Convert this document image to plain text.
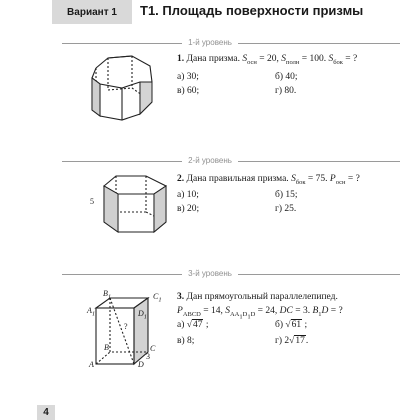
Вариант 1	Т1. Площадь поверхности призмы
1-й уровень
1. Дана призма. $S_{осн} = 20$, $S_{полн} = 100$. $S_{бок}$ = ?
а) 30;	б) 40;
в) 60;	г) 80.
2-й уровень
5
2. Дана правильная призма. $S_{бок} = 75$. $P_{осн}$ = ?
а) 10;	б) 15;
в) 20;	г) 25.
3-й уровень
$B_1$	$C_1$
$A_1$	$D_1$
?
B	C
A	D
3
3. Дан прямоугольный параллелепипед.
$P_{ABCD} = 14$, $S_{AA_1D_1D} = 24$, DC = 3. $B_1D$ = ?
а) √47 ;	б) √61 ;
в) 8;	г) 2√17.
4
